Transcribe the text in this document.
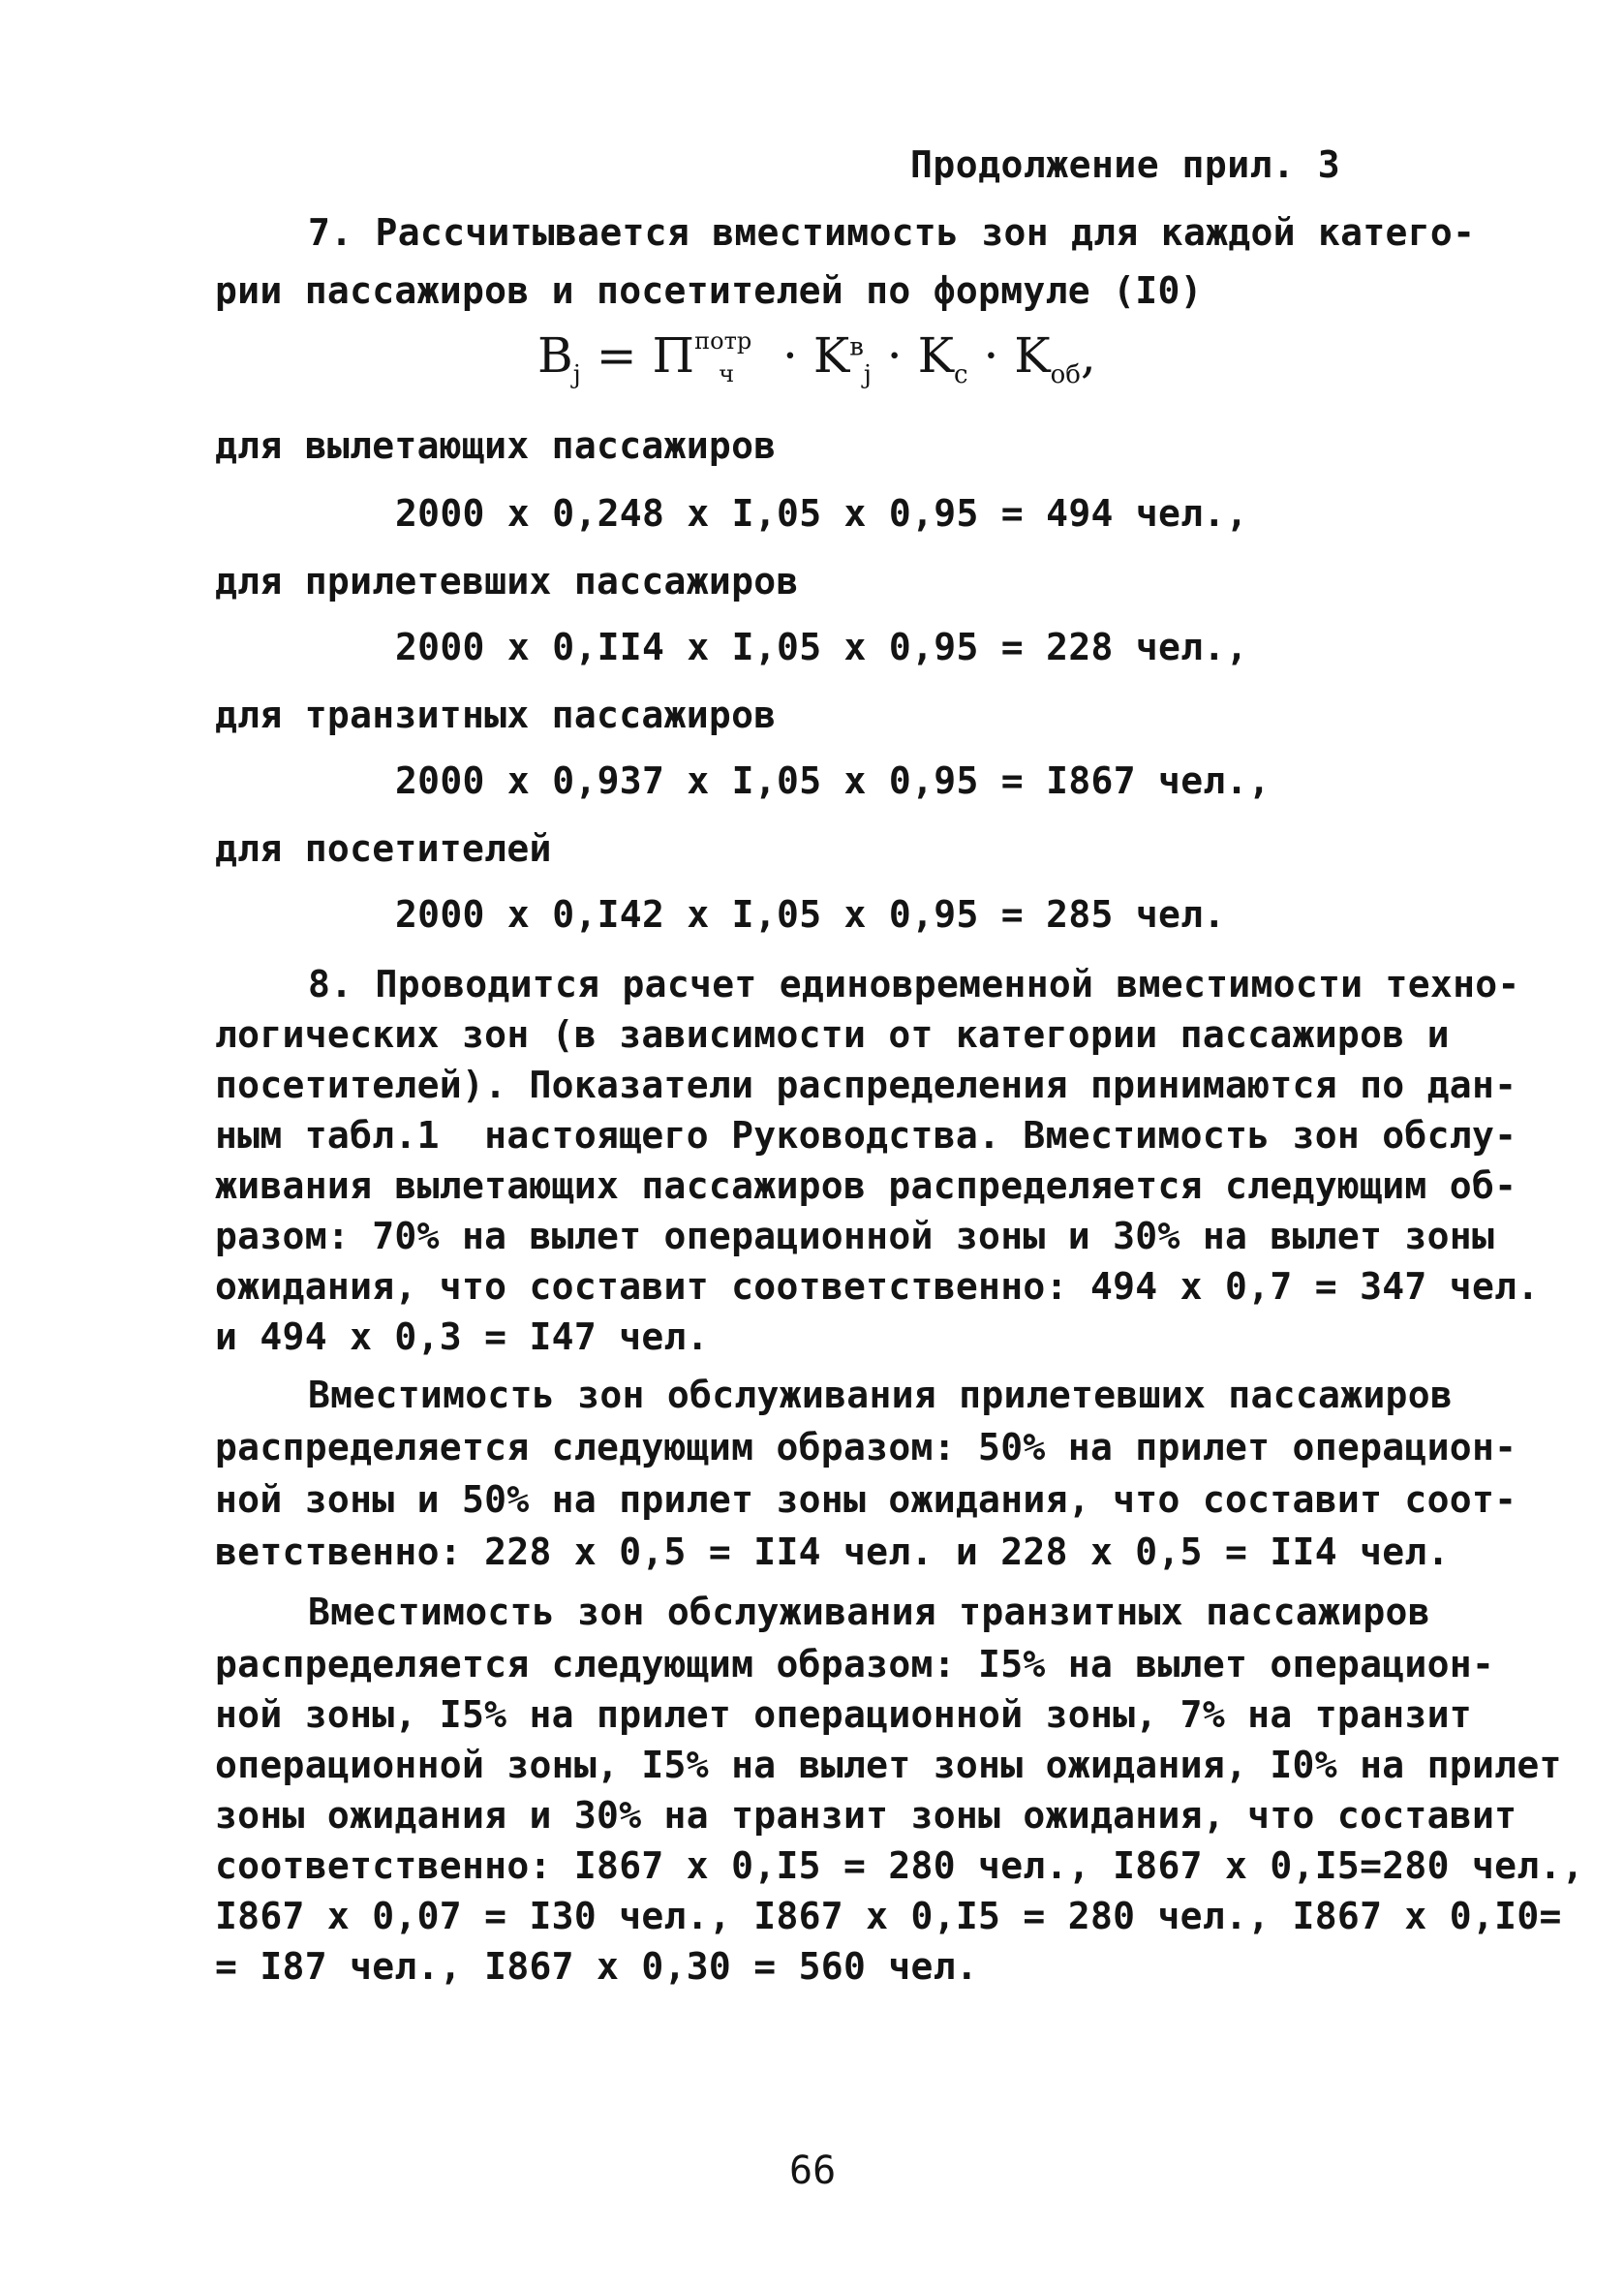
Продолжение прил. 3
7. Рассчитывается вместимость зон для каждой катего-
рии пассажиров и посетителей по формуле (I0)
$B_j = П^{потр}_ч \cdot K^в_j \cdot K_c \cdot K_{об}$,
для вылетающих пассажиров
2000 x 0,248 x I,05 x 0,95 = 494 чел.,
для прилетевших пассажиров
2000 x 0,II4 x I,05 x 0,95 = 228 чел.,
для транзитных пассажиров
2000 x 0,937 x I,05 x 0,95 = I867 чел.,
для посетителей
2000 x 0,I42 x I,05 x 0,95 = 285 чел.
8. Проводится расчет единовременной вместимости техно-
логических зон (в зависимости от категории пассажиров и
посетителей). Показатели распределения принимаются по дан-
ным табл.1  настоящего Руководства. Вместимость зон обслу-
живания вылетающих пассажиров распределяется следующим об-
разом: 70% на вылет операционной зоны и 30% на вылет зоны
ожидания, что составит соответственно: 494 x 0,7 = 347 чел.
и 494 x 0,3 = I47 чел.
Вместимость зон обслуживания прилетевших пассажиров
распределяется следующим образом: 50% на прилет операцион-
ной зоны и 50% на прилет зоны ожидания, что составит соот-
ветственно: 228 x 0,5 = II4 чел. и 228 x 0,5 = II4 чел.
Вместимость зон обслуживания транзитных пассажиров
распределяется следующим образом: I5% на вылет операцион-
ной зоны, I5% на прилет операционной зоны, 7% на транзит
операционной зоны, I5% на вылет зоны ожидания, I0% на прилет
зоны ожидания и 30% на транзит зоны ожидания, что составит
соответственно: I867 x 0,I5 = 280 чел., I867 x 0,I5=280 чел.,
I867 x 0,07 = I30 чел., I867 x 0,I5 = 280 чел., I867 x 0,I0=
= I87 чел., I867 x 0,30 = 560 чел.
66
